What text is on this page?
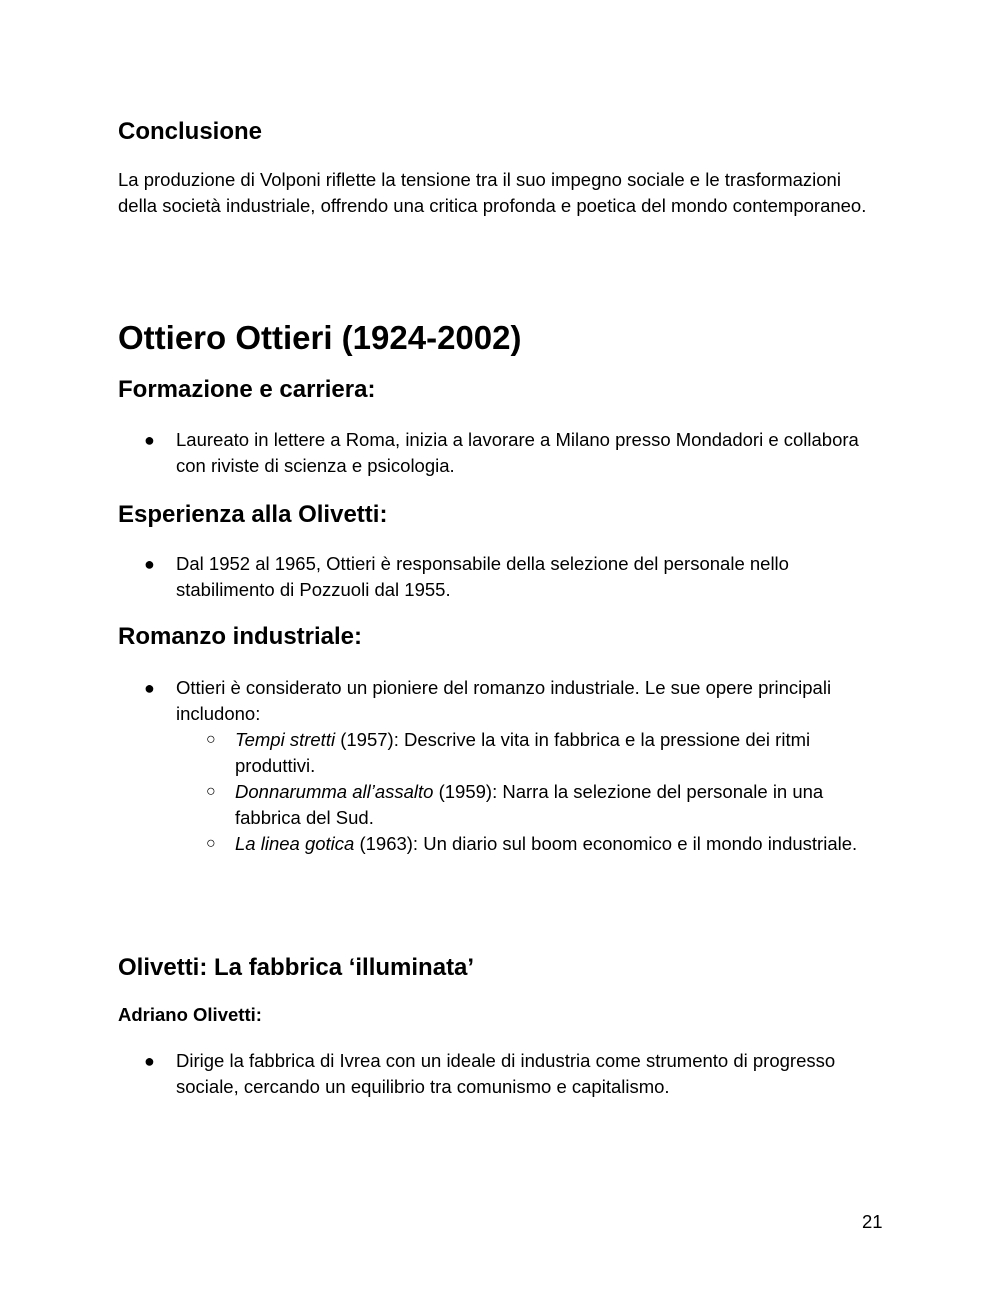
Conclusione

La produzione di Volponi riflette la tensione tra il suo impegno sociale e le trasformazioni della società industriale, offrendo una critica profonda e poetica del mondo contemporaneo.

Ottiero Ottieri (1924-2002)
Formazione e carriera:
● Laureato in lettere a Roma, inizia a lavorare a Milano presso Mondadori e collabora con riviste di scienza e psicologia.
Esperienza alla Olivetti:
● Dal 1952 al 1965, Ottieri è responsabile della selezione del personale nello stabilimento di Pozzuoli dal 1955.
Romanzo industriale:
● Ottieri è considerato un pioniere del romanzo industriale. Le sue opere principali includono:
○ Tempi stretti (1957): Descrive la vita in fabbrica e la pressione dei ritmi produttivi.
○ Donnarumma all’assalto (1959): Narra la selezione del personale in una fabbrica del Sud.
○ La linea gotica (1963): Un diario sul boom economico e il mondo industriale.
Olivetti: La fabbrica ‘illuminata’
Adriano Olivetti:
● Dirige la fabbrica di Ivrea con un ideale di industria come strumento di progresso sociale, cercando un equilibrio tra comunismo e capitalismo.
21
